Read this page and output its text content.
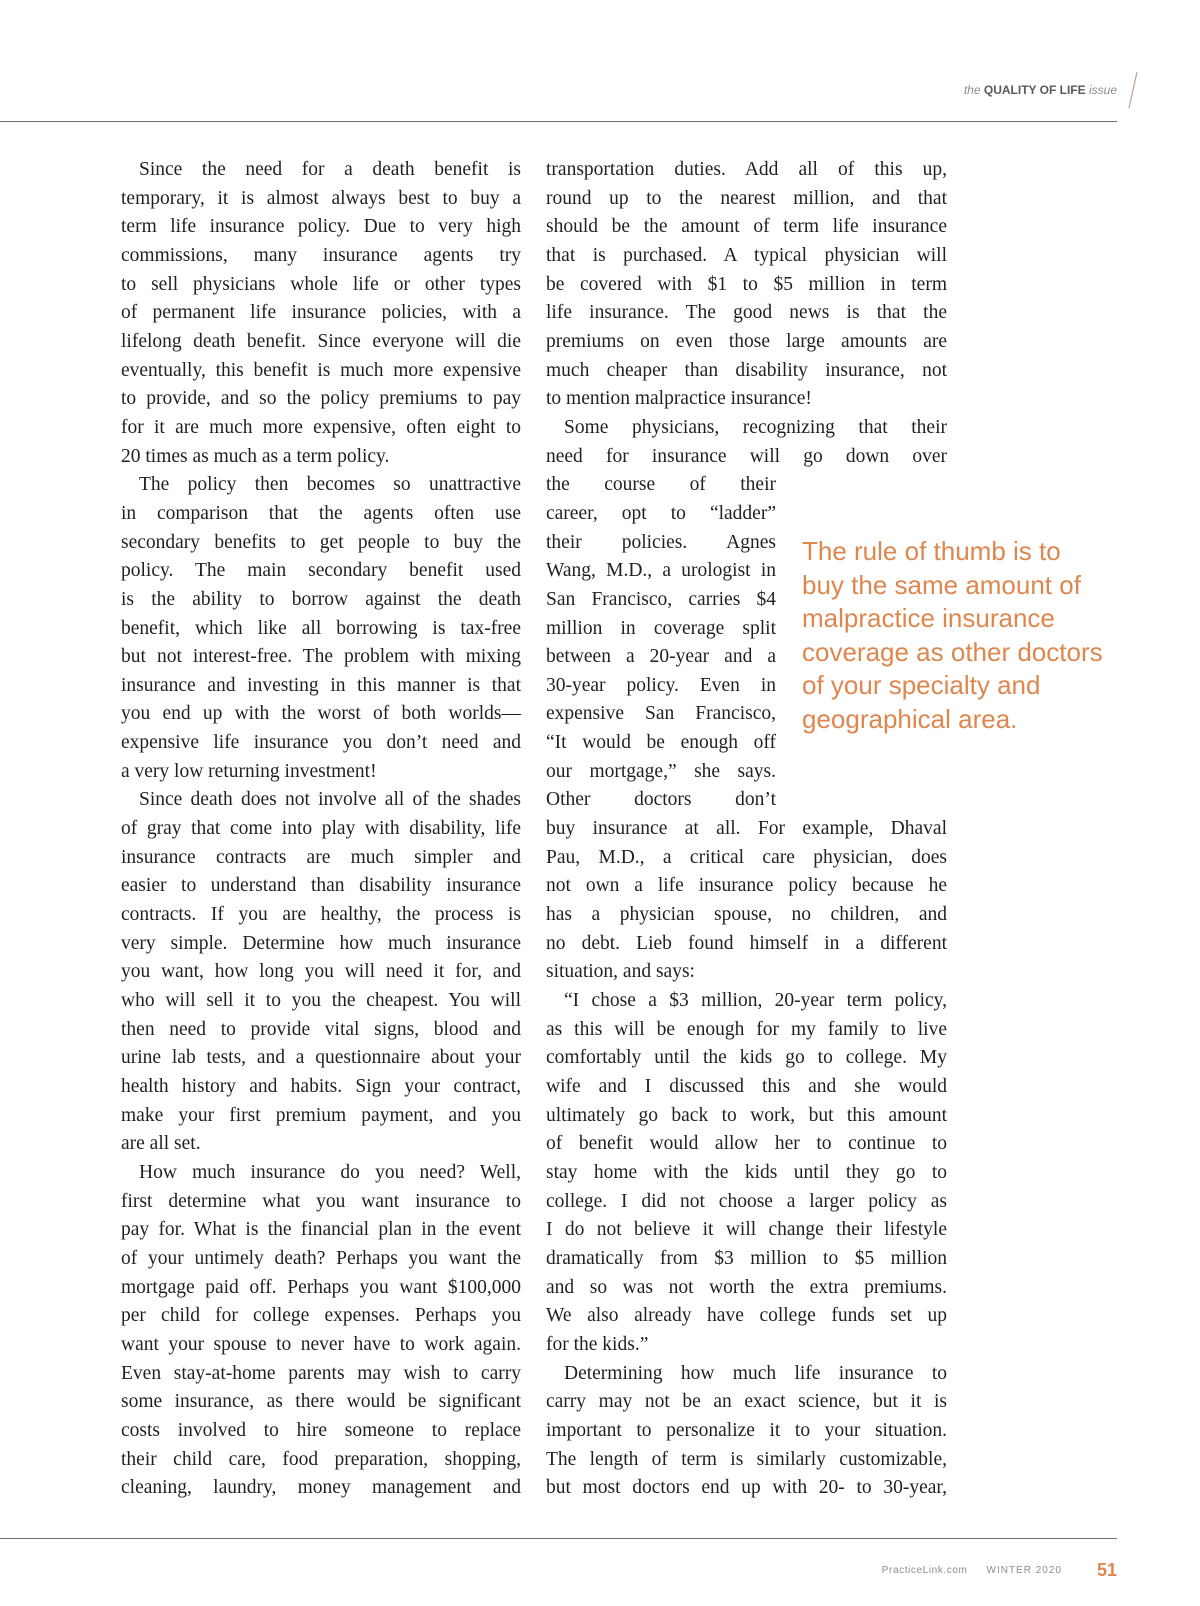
the QUALITY OF LIFE issue
Since the need for a death benefit is
temporary, it is almost always best to buy a
term life insurance policy. Due to very high
commissions, many insurance agents try
to sell physicians whole life or other types
of permanent life insurance policies, with a
lifelong death benefit. Since everyone will die
eventually, this benefit is much more expensive
to provide, and so the policy premiums to pay
for it are much more expensive, often eight to
20 times as much as a term policy.
The policy then becomes so unattractive
in comparison that the agents often use
secondary benefits to get people to buy the
policy. The main secondary benefit used
is the ability to borrow against the death
benefit, which like all borrowing is tax-free
but not interest-free. The problem with mixing
insurance and investing in this manner is that
you end up with the worst of both worlds—
expensive life insurance you don’t need and
a very low returning investment!
Since death does not involve all of the shades
of gray that come into play with disability, life
insurance contracts are much simpler and
easier to understand than disability insurance
contracts. If you are healthy, the process is
very simple. Determine how much insurance
you want, how long you will need it for, and
who will sell it to you the cheapest. You will
then need to provide vital signs, blood and
urine lab tests, and a questionnaire about your
health history and habits. Sign your contract,
make your first premium payment, and you
are all set.
How much insurance do you need? Well,
first determine what you want insurance to
pay for. What is the financial plan in the event
of your untimely death? Perhaps you want the
mortgage paid off. Perhaps you want $100,000
per child for college expenses. Perhaps you
want your spouse to never have to work again.
Even stay-at-home parents may wish to carry
some insurance, as there would be significant
costs involved to hire someone to replace
their child care, food preparation, shopping,
cleaning, laundry, money management and
transportation duties. Add all of this up,
round up to the nearest million, and that
should be the amount of term life insurance
that is purchased. A typical physician will
be covered with $1 to $5 million in term
life insurance. The good news is that the
premiums on even those large amounts are
much cheaper than disability insurance, not
to mention malpractice insurance!
Some physicians, recognizing that their
need for insurance will go down over
the course of their
career, opt to “ladder”
their policies. Agnes
Wang, M.D., a urologist in
San Francisco, carries $4
million in coverage split
between a 20-year and a
30-year policy. Even in
expensive San Francisco,
“It would be enough off
our mortgage,” she says.
Other doctors don’t
buy insurance at all. For example, Dhaval
Pau, M.D., a critical care physician, does
not own a life insurance policy because he
has a physician spouse, no children, and
no debt. Lieb found himself in a different
situation, and says:
“I chose a $3 million, 20-year term policy,
as this will be enough for my family to live
comfortably until the kids go to college. My
wife and I discussed this and she would
ultimately go back to work, but this amount
of benefit would allow her to continue to
stay home with the kids until they go to
college. I did not choose a larger policy as
I do not believe it will change their lifestyle
dramatically from $3 million to $5 million
and so was not worth the extra premiums.
We also already have college funds set up
for the kids.”
Determining how much life insurance to
carry may not be an exact science, but it is
important to personalize it to your situation.
The length of term is similarly customizable,
but most doctors end up with 20- to 30-year,
The rule of thumb is to
buy the same amount of
malpractice insurance
coverage as other doctors
of your specialty and
geographical area.
PracticeLink.com WINTER 2020 51
